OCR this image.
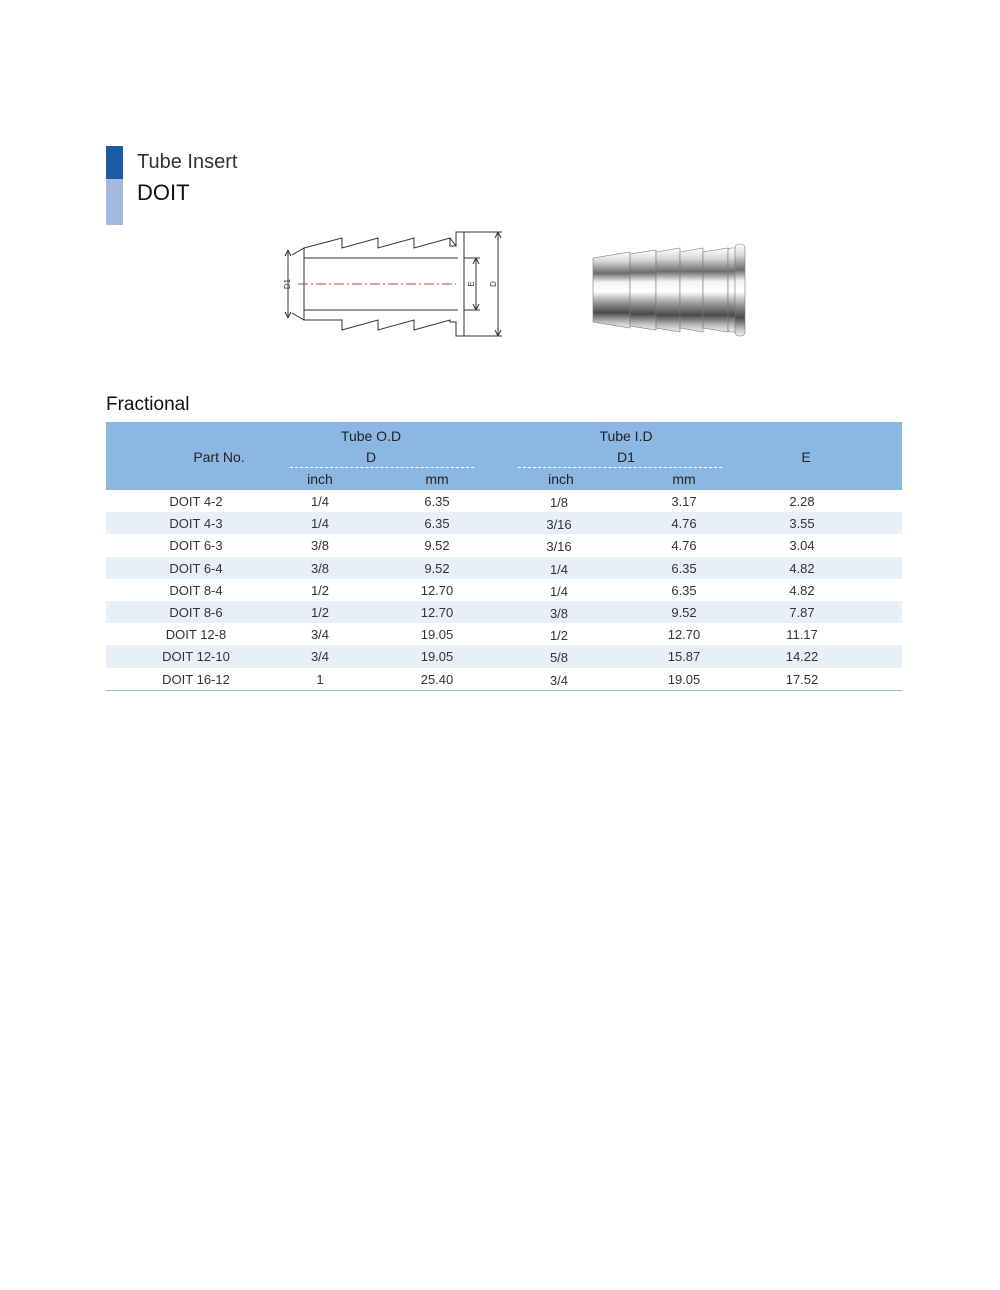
Tube Insert
DOIT
D1	E D
Fractional
Part No.
Tube O.D
D
Tube I.D
D1	E
inch	mm	inch	mm
DOIT 4-2	1/4	6.35	1/8	3.17	2.28
DOIT 4-3	1/4	6.35	3/16	4.76	3.55
DOIT 6-3	3/8	9.52	3/16	4.76	3.04
DOIT 6-4	3/8	9.52	1/4	6.35	4.82
DOIT 8-4	1/2	12.70	1/4	6.35	4.82
DOIT 8-6	1/2	12.70	3/8	9.52	7.87
DOIT 12-8	3/4	19.05	1/2	12.70	11.17
DOIT 12-10	3/4	19.05	5/8	15.87	14.22
DOIT 16-12	1	25.40	3/4	19.05	17.52
